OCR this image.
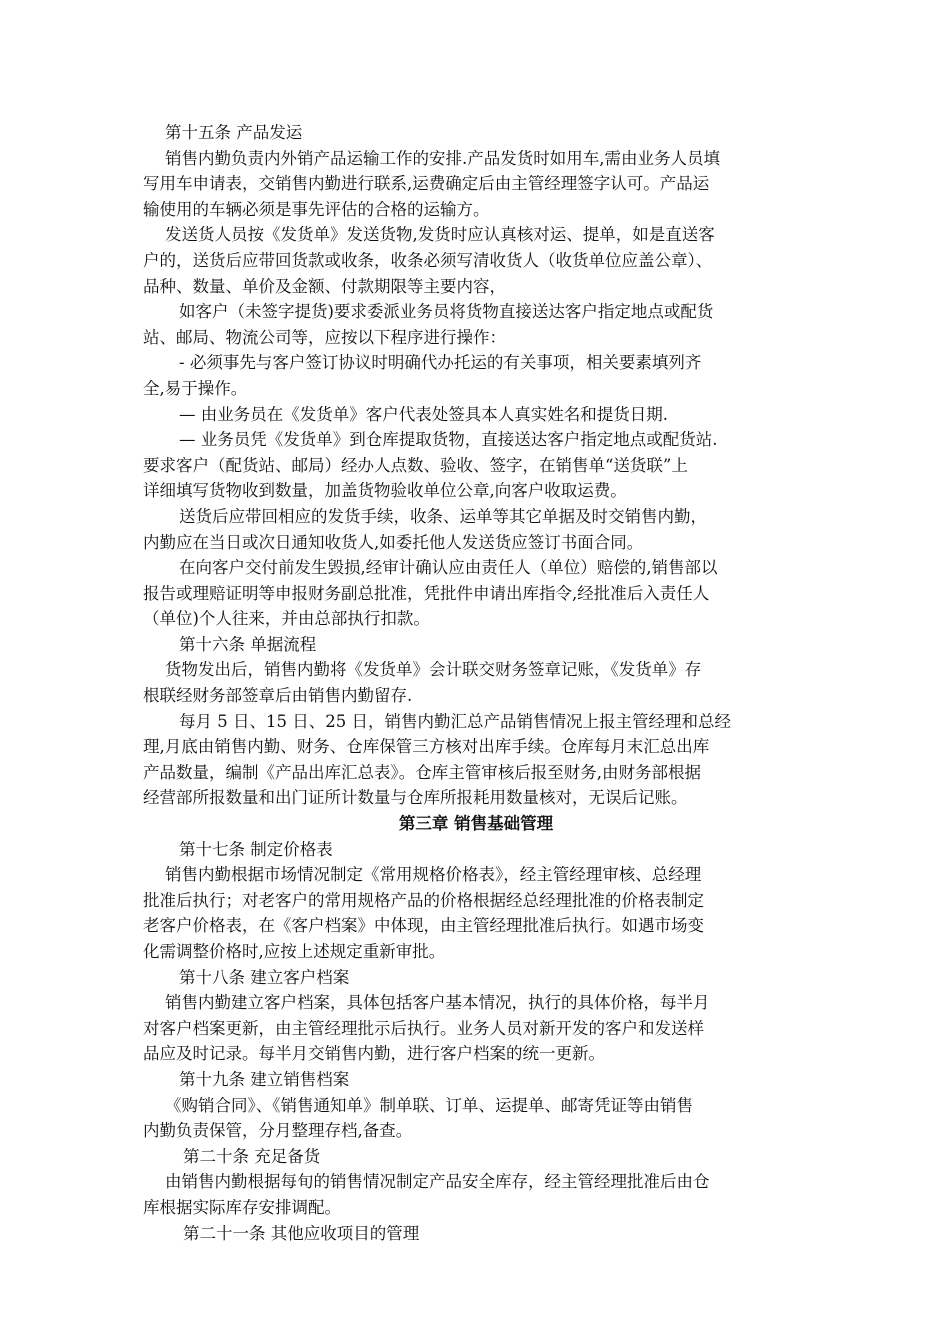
第十五条 产品发运
销售内勤负责内外销产品运输工作的安排.产品发货时如用车,需由业务人员填
写用车申请表，交销售内勤进行联系,运费确定后由主管经理签字认可。产品运
输使用的车辆必须是事先评估的合格的运输方。
发送货人员按《发货单》发送货物,发货时应认真核对运、提单，如是直送客
户的，送货后应带回货款或收条，收条必须写清收货人（收货单位应盖公章）、
品种、数量、单价及金额、付款期限等主要内容，
如客户（未签字提货)要求委派业务员将货物直接送达客户指定地点或配货
站、邮局、物流公司等，应按以下程序进行操作：
- 必须事先与客户签订协议时明确代办托运的有关事项，相关要素填列齐
全,易于操作。
— 由业务员在《发货单》客户代表处签具本人真实姓名和提货日期.
— 业务员凭《发货单》到仓库提取货物，直接送达客户指定地点或配货站.
要求客户（配货站、邮局）经办人点数、验收、签字，在销售单“送货联”上
详细填写货物收到数量，加盖货物验收单位公章,向客户收取运费。
送货后应带回相应的发货手续，收条、运单等其它单据及时交销售内勤，
内勤应在当日或次日通知收货人,如委托他人发送货应签订书面合同。
在向客户交付前发生毁损,经审计确认应由责任人（单位）赔偿的,销售部以
报告或理赔证明等申报财务副总批准，凭批件申请出库指令,经批准后入责任人
（单位)个人往来，并由总部执行扣款。
第十六条 单据流程
货物发出后，销售内勤将《发货单》会计联交财务签章记账，《发货单》存
根联经财务部签章后由销售内勤留存.
每月 5 日、15 日、25 日，销售内勤汇总产品销售情况上报主管经理和总经
理,月底由销售内勤、财务、仓库保管三方核对出库手续。仓库每月末汇总出库
产品数量，编制《产品出库汇总表》。仓库主管审核后报至财务,由财务部根据
经营部所报数量和出门证所计数量与仓库所报耗用数量核对，无误后记账。
第三章 销售基础管理
第十七条 制定价格表
销售内勤根据市场情况制定《常用规格价格表》，经主管经理审核、总经理
批准后执行；对老客户的常用规格产品的价格根据经总经理批准的价格表制定
老客户价格表，在《客户档案》中体现，由主管经理批准后执行。如遇市场变
化需调整价格时,应按上述规定重新审批。
第十八条 建立客户档案
销售内勤建立客户档案，具体包括客户基本情况，执行的具体价格，每半月
对客户档案更新，由主管经理批示后执行。业务人员对新开发的客户和发送样
品应及时记录。每半月交销售内勤，进行客户档案的统一更新。
第十九条 建立销售档案
《购销合同》、《销售通知单》制单联、订单、运提单、邮寄凭证等由销售
内勤负责保管，分月整理存档,备查。
第二十条 充足备货
由销售内勤根据每旬的销售情况制定产品安全库存，经主管经理批准后由仓
库根据实际库存安排调配。
第二十一条 其他应收项目的管理
